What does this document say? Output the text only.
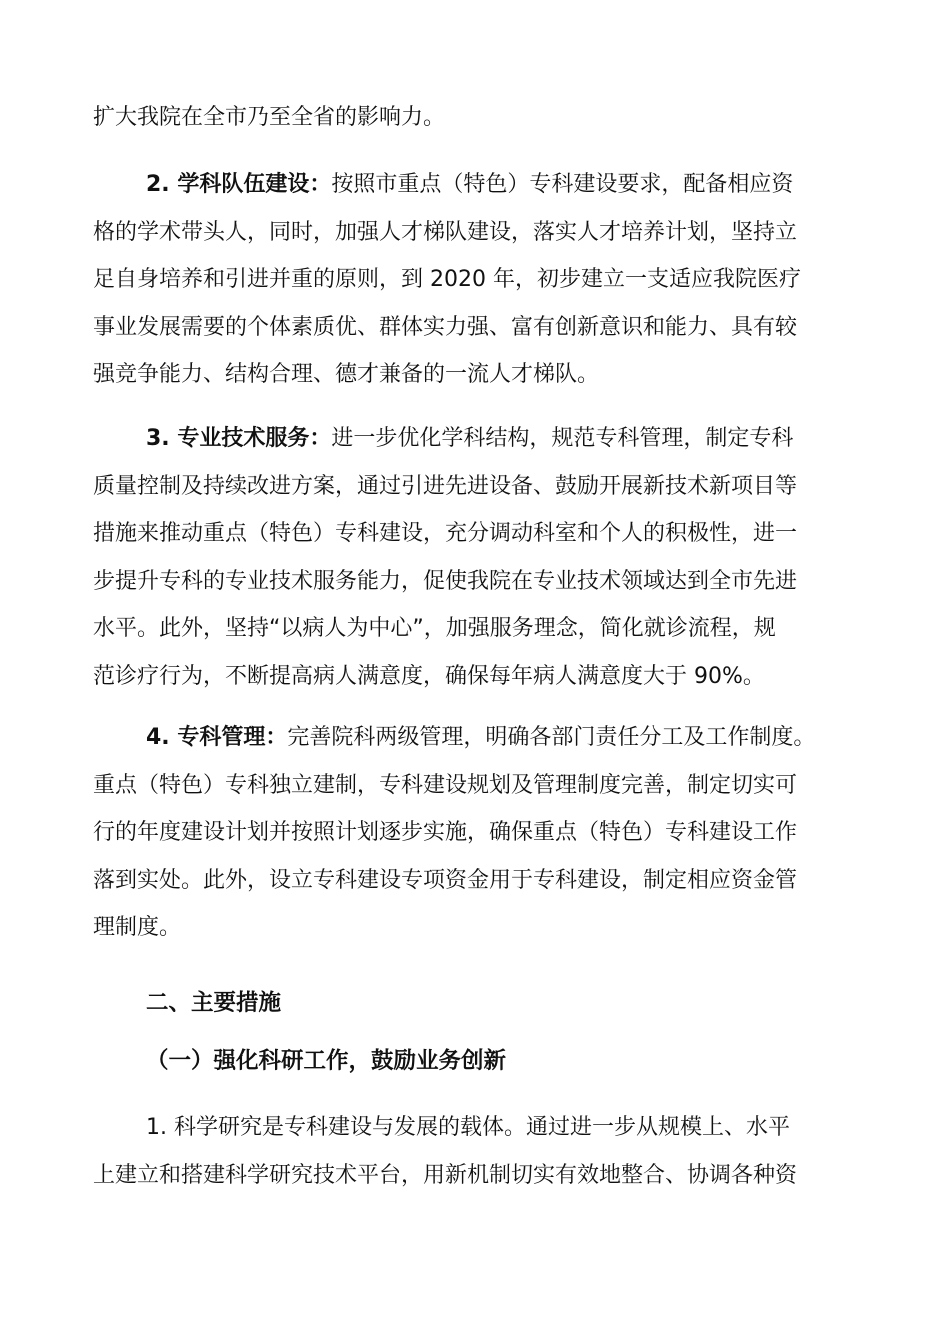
扩大我院在全市乃至全省的影响力。

2. 学科队伍建设：按照市重点（特色）专科建设要求，配备相应资
格的学术带头人，同时，加强人才梯队建设，落实人才培养计划，坚持立
足自身培养和引进并重的原则，到 2020 年，初步建立一支适应我院医疗
事业发展需要的个体素质优、群体实力强、富有创新意识和能力、具有较
强竞争能力、结构合理、德才兼备的一流人才梯队。

3. 专业技术服务：进一步优化学科结构，规范专科管理，制定专科
质量控制及持续改进方案，通过引进先进设备、鼓励开展新技术新项目等
措施来推动重点（特色）专科建设，充分调动科室和个人的积极性，进一
步提升专科的专业技术服务能力，促使我院在专业技术领域达到全市先进
水平。此外，坚持“以病人为中心”，加强服务理念，简化就诊流程，规
范诊疗行为，不断提高病人满意度，确保每年病人满意度大于 90%。

4. 专科管理：完善院科两级管理，明确各部门责任分工及工作制度。
重点（特色）专科独立建制，专科建设规划及管理制度完善，制定切实可
行的年度建设计划并按照计划逐步实施，确保重点（特色）专科建设工作
落到实处。此外，设立专科建设专项资金用于专科建设，制定相应资金管
理制度。

二、主要措施
（一）强化科研工作，鼓励业务创新

1. 科学研究是专科建设与发展的载体。通过进一步从规模上、水平
上建立和搭建科学研究技术平台，用新机制切实有效地整合、协调各种资
